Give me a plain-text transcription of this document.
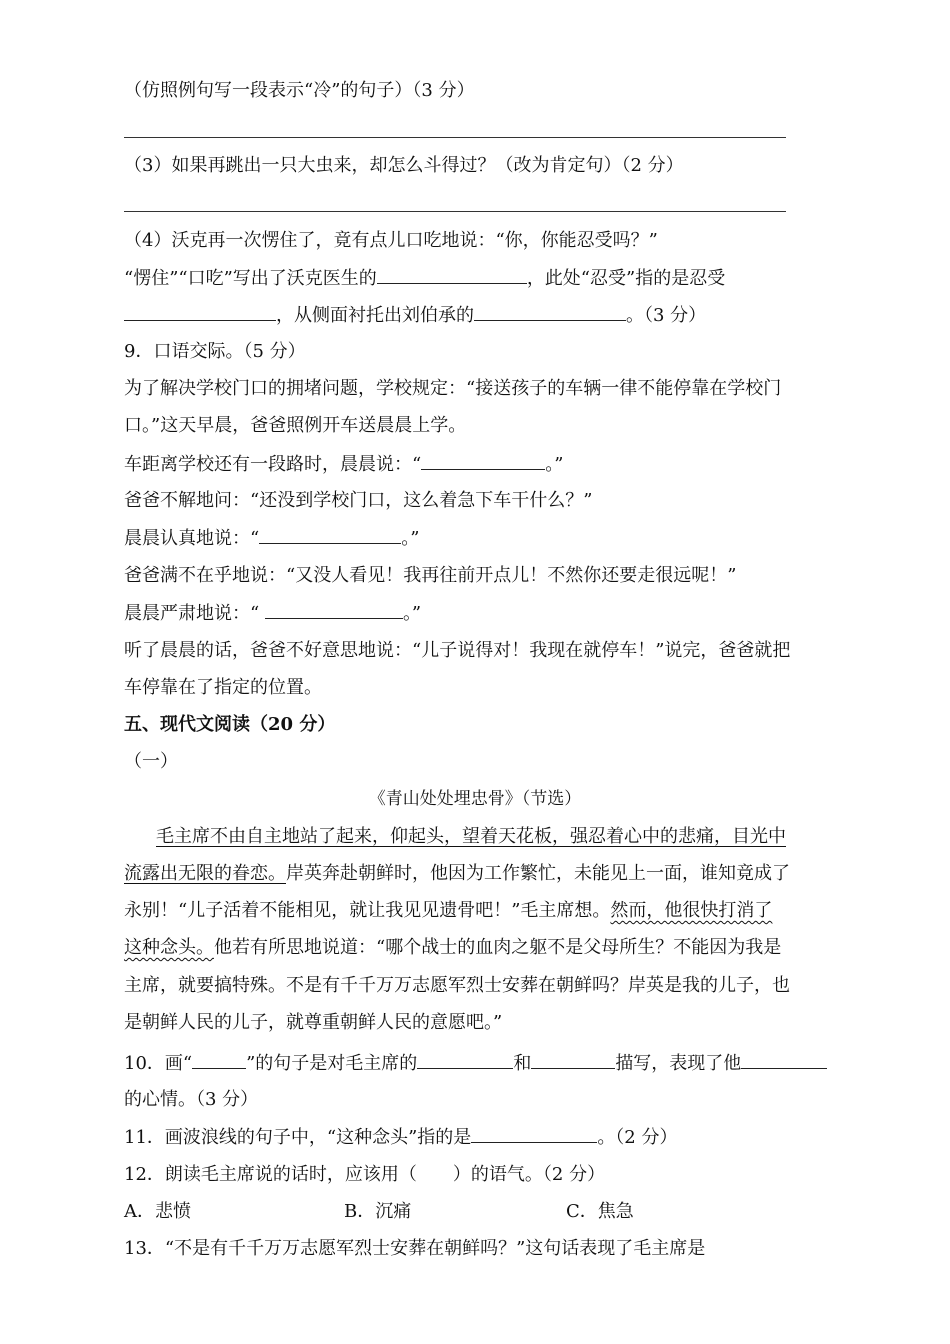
（仿照例句写一段表示“冷”的句子）（3 分）
（3）如果再跳出一只大虫来，却怎么斗得过？（改为肯定句）（2 分）
（4）沃克再一次愣住了，竟有点儿口吃地说：“你，你能忍受吗？”
“愣住”“口吃”写出了沃克医生的	，此处“忍受”指的是忍受
，从侧面衬托出刘伯承的	。（3 分）
9．口语交际。（5 分）
为了解决学校门口的拥堵问题，学校规定：“接送孩子的车辆一律不能停靠在学校门
口。”这天早晨，爸爸照例开车送晨晨上学。
车距离学校还有一段路时，晨晨说：“	。”
爸爸不解地问：“还没到学校门口，这么着急下车干什么？”
晨晨认真地说：“	。”
爸爸满不在乎地说：“又没人看见！我再往前开点儿！不然你还要走很远呢！”
晨晨严肃地说：“	。”
听了晨晨的话，爸爸不好意思地说：“儿子说得对！我现在就停车！”说完，爸爸就把
车停靠在了指定的位置。
五、现代文阅读（20 分）
（一）
《青山处处埋忠骨》（节选）
毛主席不由自主地站了起来，仰起头，望着天花板，强忍着心中的悲痛，目光中
流露出无限的眷恋。岸英奔赴朝鲜时，他因为工作繁忙，未能见上一面，谁知竟成了
永别！“儿子活着不能相见，就让我见见遗骨吧！”毛主席想。然而，他很快打消了
这种念头。他若有所思地说道：“哪个战士的血肉之躯不是父母所生？不能因为我是
主席，就要搞特殊。不是有千千万万志愿军烈士安葬在朝鲜吗？岸英是我的儿子，也
是朝鲜人民的儿子，就尊重朝鲜人民的意愿吧。”
10．画“	”的句子是对毛主席的	和	描写，表现了他
的心情。（3 分）
11．画波浪线的句子中，“这种念头”指的是	。（2 分）
12．朗读毛主席说的话时，应该用（　　）的语气。（2 分）
A．悲愤	B．沉痛	C．焦急
13．“不是有千千万万志愿军烈士安葬在朝鲜吗？”这句话表现了毛主席是
